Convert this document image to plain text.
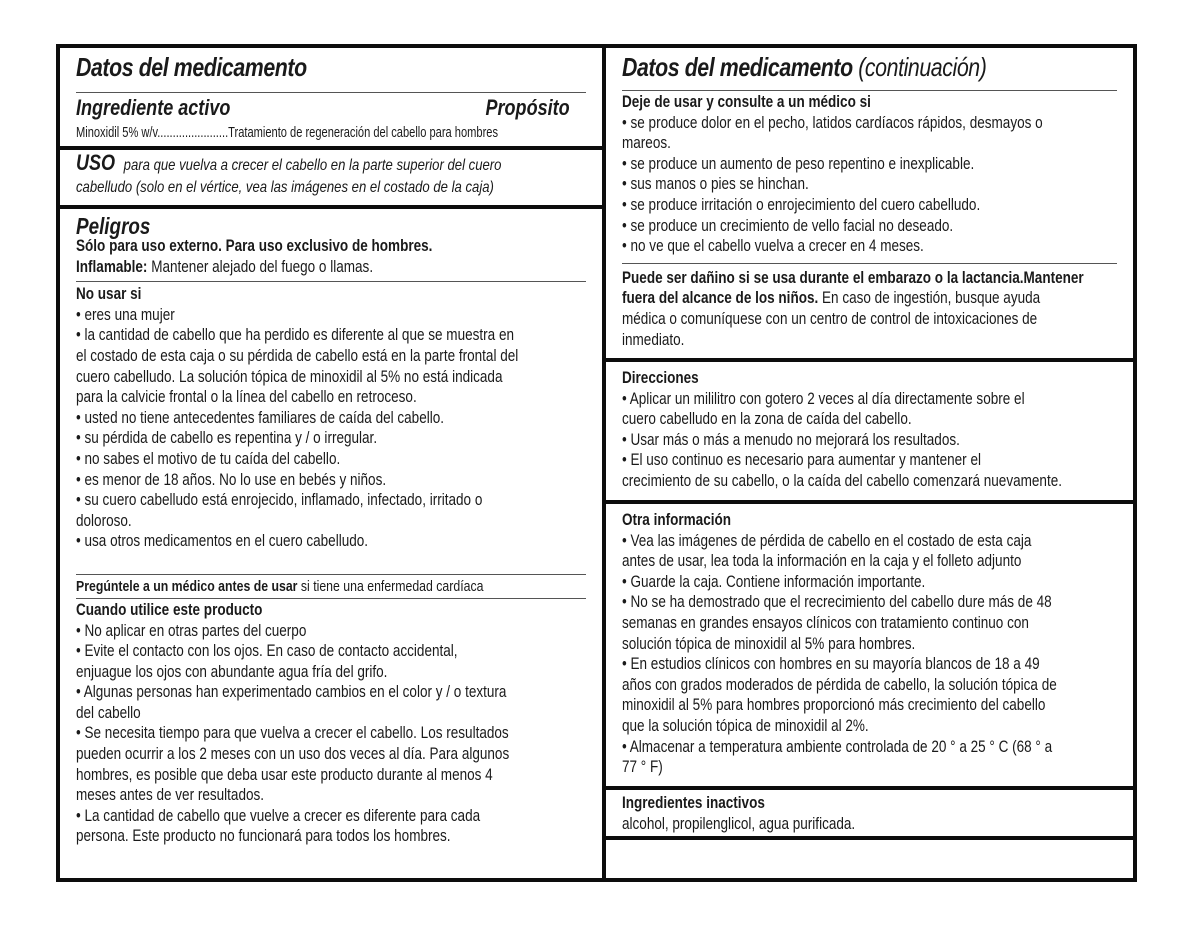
Datos del medicamento
Ingrediente activo	Propósito
Minoxidil 5% w/v.......................Tratamiento de regeneración del cabello para hombres
USO para que vuelva a crecer el cabello en la parte superior del cuero
cabelludo (solo en el vértice, vea las imágenes en el costado de la caja)
Peligros
Sólo para uso externo. Para uso exclusivo de hombres.
Inflamable: Mantener alejado del fuego o llamas.
No usar si
• eres una mujer
• la cantidad de cabello que ha perdido es diferente al que se muestra en
el costado de esta caja o su pérdida de cabello está en la parte frontal del
cuero cabelludo. La solución tópica de minoxidil al 5% no está indicada
para la calvicie frontal o la línea del cabello en retroceso.
• usted no tiene antecedentes familiares de caída del cabello.
• su pérdida de cabello es repentina y / o irregular.
• no sabes el motivo de tu caída del cabello.
• es menor de 18 años. No lo use en bebés y niños.
• su cuero cabelludo está enrojecido, inflamado, infectado, irritado o
doloroso.
• usa otros medicamentos en el cuero cabelludo.
Pregúntele a un médico antes de usar si tiene una enfermedad cardíaca
Cuando utilice este producto
• No aplicar en otras partes del cuerpo
• Evite el contacto con los ojos. En caso de contacto accidental,
enjuague los ojos con abundante agua fría del grifo.
• Algunas personas han experimentado cambios en el color y / o textura
del cabello
• Se necesita tiempo para que vuelva a crecer el cabello. Los resultados
pueden ocurrir a los 2 meses con un uso dos veces al día. Para algunos
hombres, es posible que deba usar este producto durante al menos 4
meses antes de ver resultados.
• La cantidad de cabello que vuelve a crecer es diferente para cada
persona. Este producto no funcionará para todos los hombres.
Datos del medicamento (continuación)
Deje de usar y consulte a un médico si
• se produce dolor en el pecho, latidos cardíacos rápidos, desmayos o
mareos.
• se produce un aumento de peso repentino e inexplicable.
• sus manos o pies se hinchan.
• se produce irritación o enrojecimiento del cuero cabelludo.
• se produce un crecimiento de vello facial no deseado.
• no ve que el cabello vuelva a crecer en 4 meses.
Puede ser dañino si se usa durante el embarazo o la lactancia.Mantener
fuera del alcance de los niños. En caso de ingestión, busque ayuda
médica o comuníquese con un centro de control de intoxicaciones de
inmediato.
Direcciones
• Aplicar un mililitro con gotero 2 veces al día directamente sobre el
cuero cabelludo en la zona de caída del cabello.
• Usar más o más a menudo no mejorará los resultados.
• El uso continuo es necesario para aumentar y mantener el
crecimiento de su cabello, o la caída del cabello comenzará nuevamente.
Otra información
• Vea las imágenes de pérdida de cabello en el costado de esta caja
antes de usar, lea toda la información en la caja y el folleto adjunto
• Guarde la caja. Contiene información importante.
• No se ha demostrado que el recrecimiento del cabello dure más de 48
semanas en grandes ensayos clínicos con tratamiento continuo con
solución tópica de minoxidil al 5% para hombres.
• En estudios clínicos con hombres en su mayoría blancos de 18 a 49
años con grados moderados de pérdida de cabello, la solución tópica de
minoxidil al 5% para hombres proporcionó más crecimiento del cabello
que la solución tópica de minoxidil al 2%.
• Almacenar a temperatura ambiente controlada de 20 ° a 25 ° C (68 ° a
77 ° F)
Ingredientes inactivos
alcohol, propilenglicol, agua purificada.
